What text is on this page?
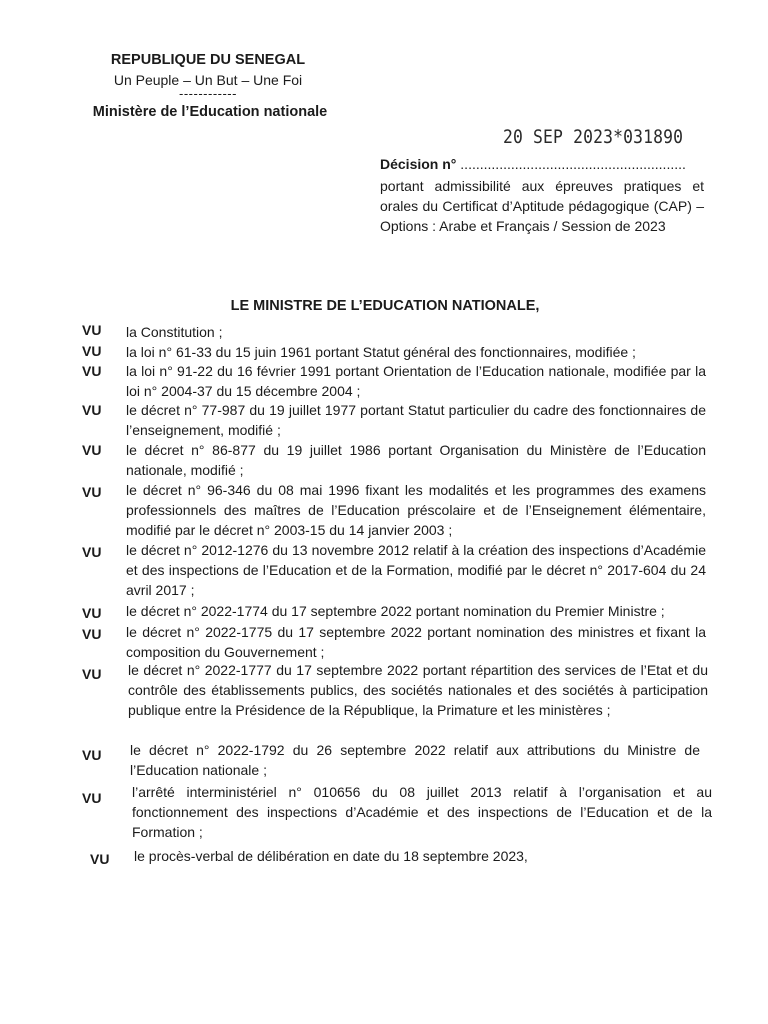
REPUBLIQUE DU SENEGAL
Un Peuple – Un But – Une Foi
------------
Ministère de l’Education nationale
20 SEP 2023*031890
Décision n° ..........................................................
portant admissibilité aux épreuves pratiques et orales du Certificat d’Aptitude pédagogique (CAP) – Options : Arabe et Français / Session de 2023
LE MINISTRE DE L’EDUCATION NATIONALE,
VU la Constitution ;
VU la loi n° 61-33 du 15 juin 1961 portant Statut général des fonctionnaires, modifiée ;
VU la loi n° 91-22 du 16 février 1991 portant Orientation de l’Education nationale, modifiée par la loi n° 2004-37 du 15 décembre 2004 ;
VU le décret n° 77-987 du 19 juillet 1977 portant Statut particulier du cadre des fonctionnaires de l’enseignement, modifié ;
VU le décret n° 86-877 du 19 juillet 1986 portant Organisation du Ministère de l’Education nationale, modifié ;
VU le décret n° 96-346 du 08 mai 1996 fixant les modalités et les programmes des examens professionnels des maîtres de l’Education préscolaire et de l’Enseignement élémentaire, modifié par le décret n° 2003-15 du 14 janvier 2003 ;
VU le décret n° 2012-1276 du 13 novembre 2012 relatif à la création des inspections d’Académie et des inspections de l’Education et de la Formation, modifié par le décret n° 2017-604 du 24 avril 2017 ;
VU le décret n° 2022-1774 du 17 septembre 2022 portant nomination du Premier Ministre ;
VU le décret n° 2022-1775 du 17 septembre 2022 portant nomination des ministres et fixant la composition du Gouvernement ;
VU le décret n° 2022-1777 du 17 septembre 2022 portant répartition des services de l’Etat et du contrôle des établissements publics, des sociétés nationales et des sociétés à participation publique entre la Présidence de la République, la Primature et les ministères ;
VU le décret n° 2022-1792 du 26 septembre 2022 relatif aux attributions du Ministre de l’Education nationale ;
VU l’arrêté interministériel n° 010656 du 08 juillet 2013 relatif à l’organisation et au fonctionnement des inspections d’Académie et des inspections de l’Education et de la Formation ;
VU le procès-verbal de délibération en date du 18 septembre 2023,
